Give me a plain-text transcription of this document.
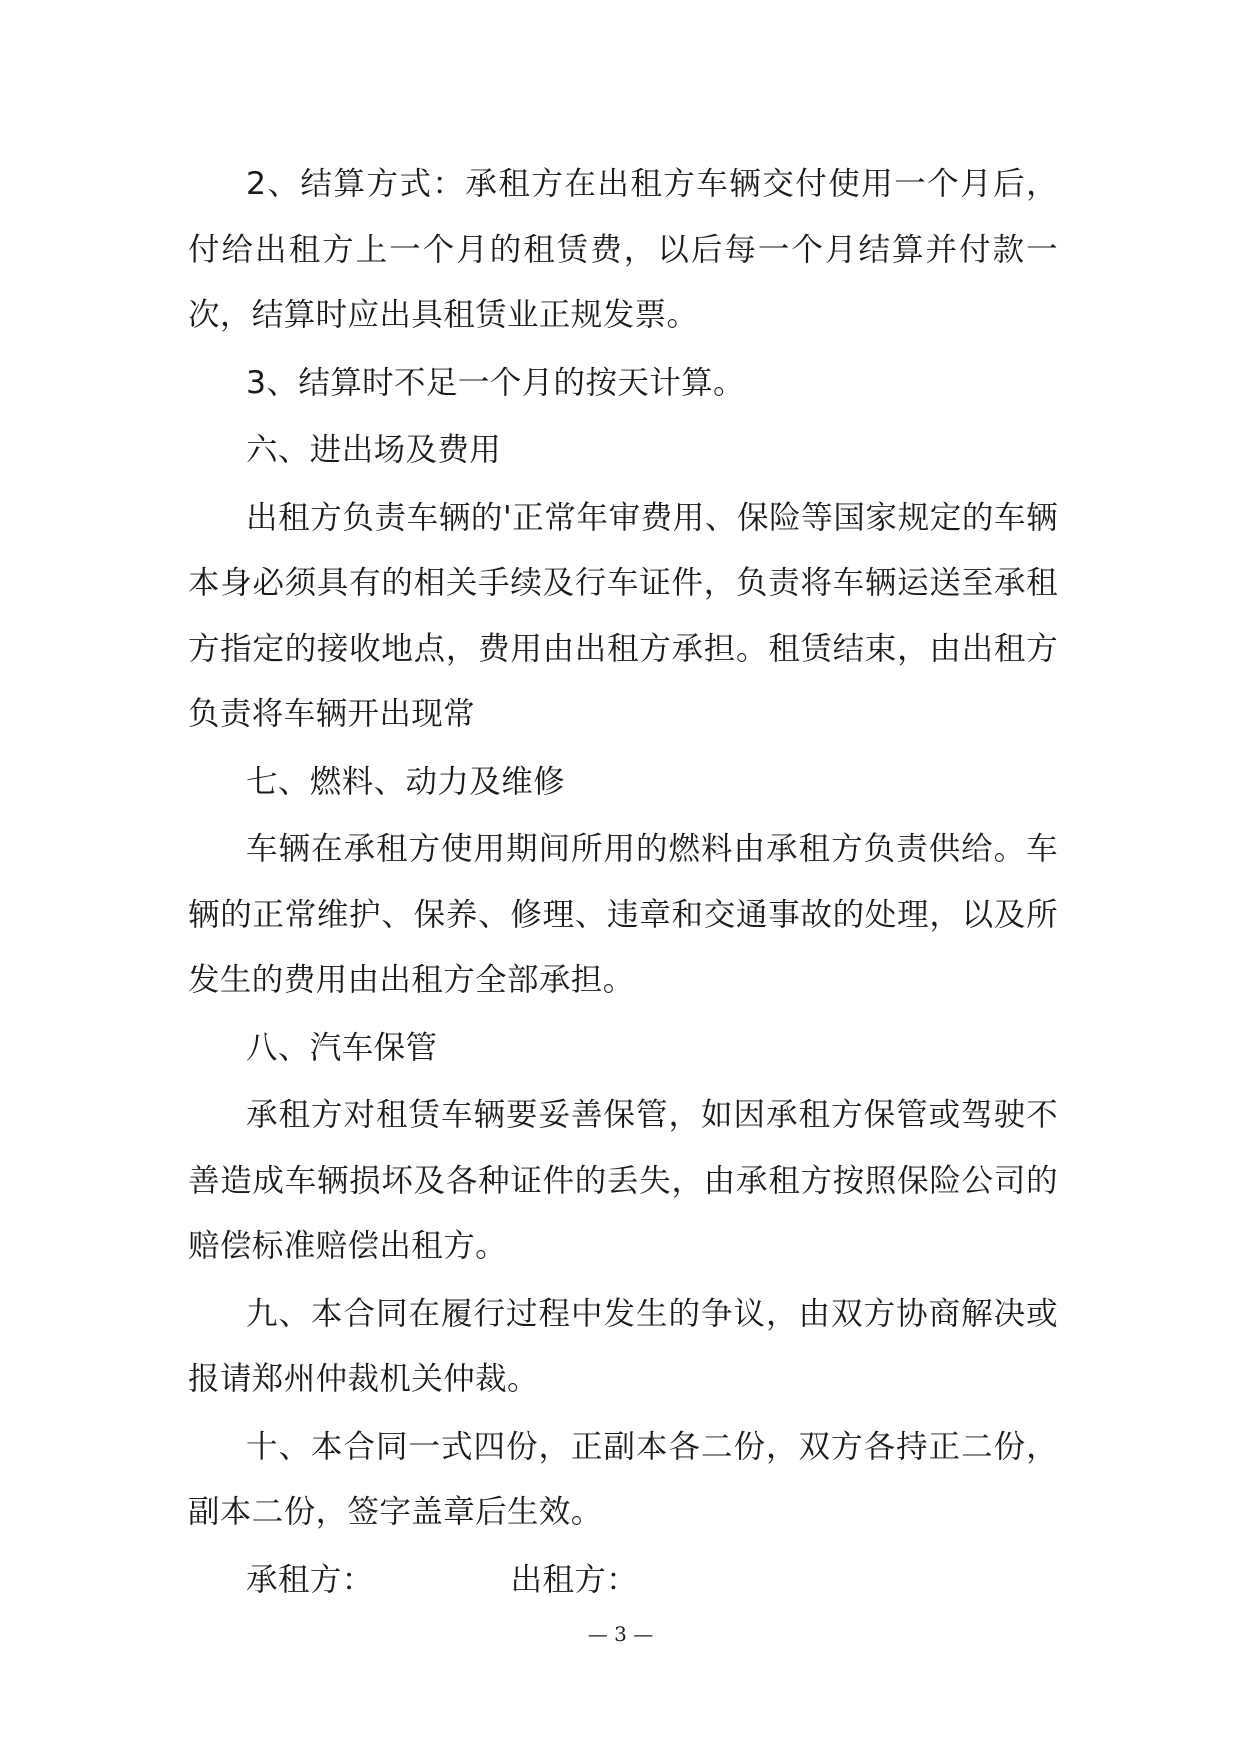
2、结算方式：承租方在出租方车辆交付使用一个月后，付给出租方上一个月的租赁费，以后每一个月结算并付款一次，结算时应出具租赁业正规发票。

3、结算时不足一个月的按天计算。

六、进出场及费用

出租方负责车辆的'正常年审费用、保险等国家规定的车辆本身必须具有的相关手续及行车证件，负责将车辆运送至承租方指定的接收地点，费用由出租方承担。租赁结束，由出租方负责将车辆开出现常

七、燃料、动力及维修

车辆在承租方使用期间所用的燃料由承租方负责供给。车辆的正常维护、保养、修理、违章和交通事故的处理，以及所发生的费用由出租方全部承担。

八、汽车保管

承租方对租赁车辆要妥善保管，如因承租方保管或驾驶不善造成车辆损坏及各种证件的丢失，由承租方按照保险公司的赔偿标准赔偿出租方。

九、本合同在履行过程中发生的争议，由双方协商解决或报请郑州仲裁机关仲裁。

十、本合同一式四份，正副本各二份，双方各持正二份，副本二份，签字盖章后生效。

承租方：
	出租方：

— 3 —
